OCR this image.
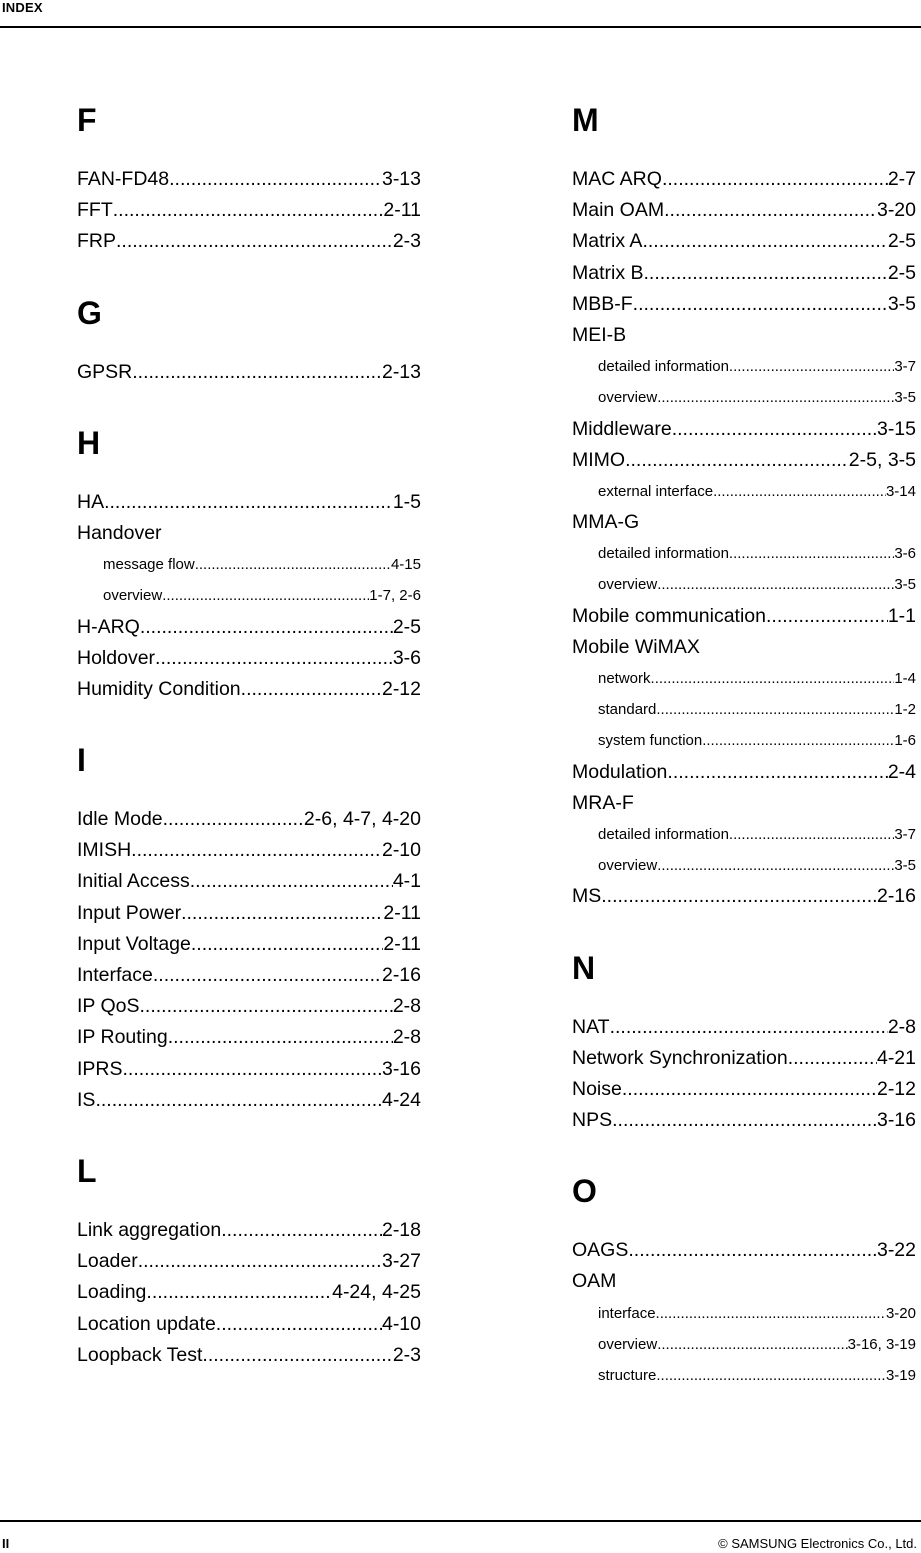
INDEX
F
FAN-FD48 .....	3-13
FFT .....	2-11
FRP .....	2-3
G
GPSR .....	2-13
H
HA .....	1-5
Handover
message flow .....	4-15
overview .....	1-7, 2-6
H-ARQ .....	2-5
Holdover .....	3-6
Humidity Condition .....	2-12
I
Idle Mode .....	2-6, 4-7, 4-20
IMISH .....	2-10
Initial Access .....	4-1
Input Power .....	2-11
Input Voltage .....	2-11
Interface .....	2-16
IP QoS .....	2-8
IP Routing .....	2-8
IPRS .....	3-16
IS .....	4-24
L
Link aggregation .....	2-18
Loader .....	3-27
Loading .....	4-24, 4-25
Location update .....	4-10
Loopback Test .....	2-3
M
MAC ARQ .....	2-7
Main OAM .....	3-20
Matrix A .....	2-5
Matrix B .....	2-5
MBB-F .....	3-5
MEI-B
detailed information .....	3-7
overview .....	3-5
Middleware .....	3-15
MIMO .....	2-5, 3-5
external interface .....	3-14
MMA-G
detailed information .....	3-6
overview .....	3-5
Mobile communication .....	1-1
Mobile WiMAX
network .....	1-4
standard .....	1-2
system function .....	1-6
Modulation .....	2-4
MRA-F
detailed information .....	3-7
overview .....	3-5
MS .....	2-16
N
NAT .....	2-8
Network Synchronization .....	4-21
Noise .....	2-12
NPS .....	3-16
O
OAGS .....	3-22
OAM
interface .....	3-20
overview .....	3-16, 3-19
structure .....	3-19
II	© SAMSUNG Electronics Co., Ltd.
